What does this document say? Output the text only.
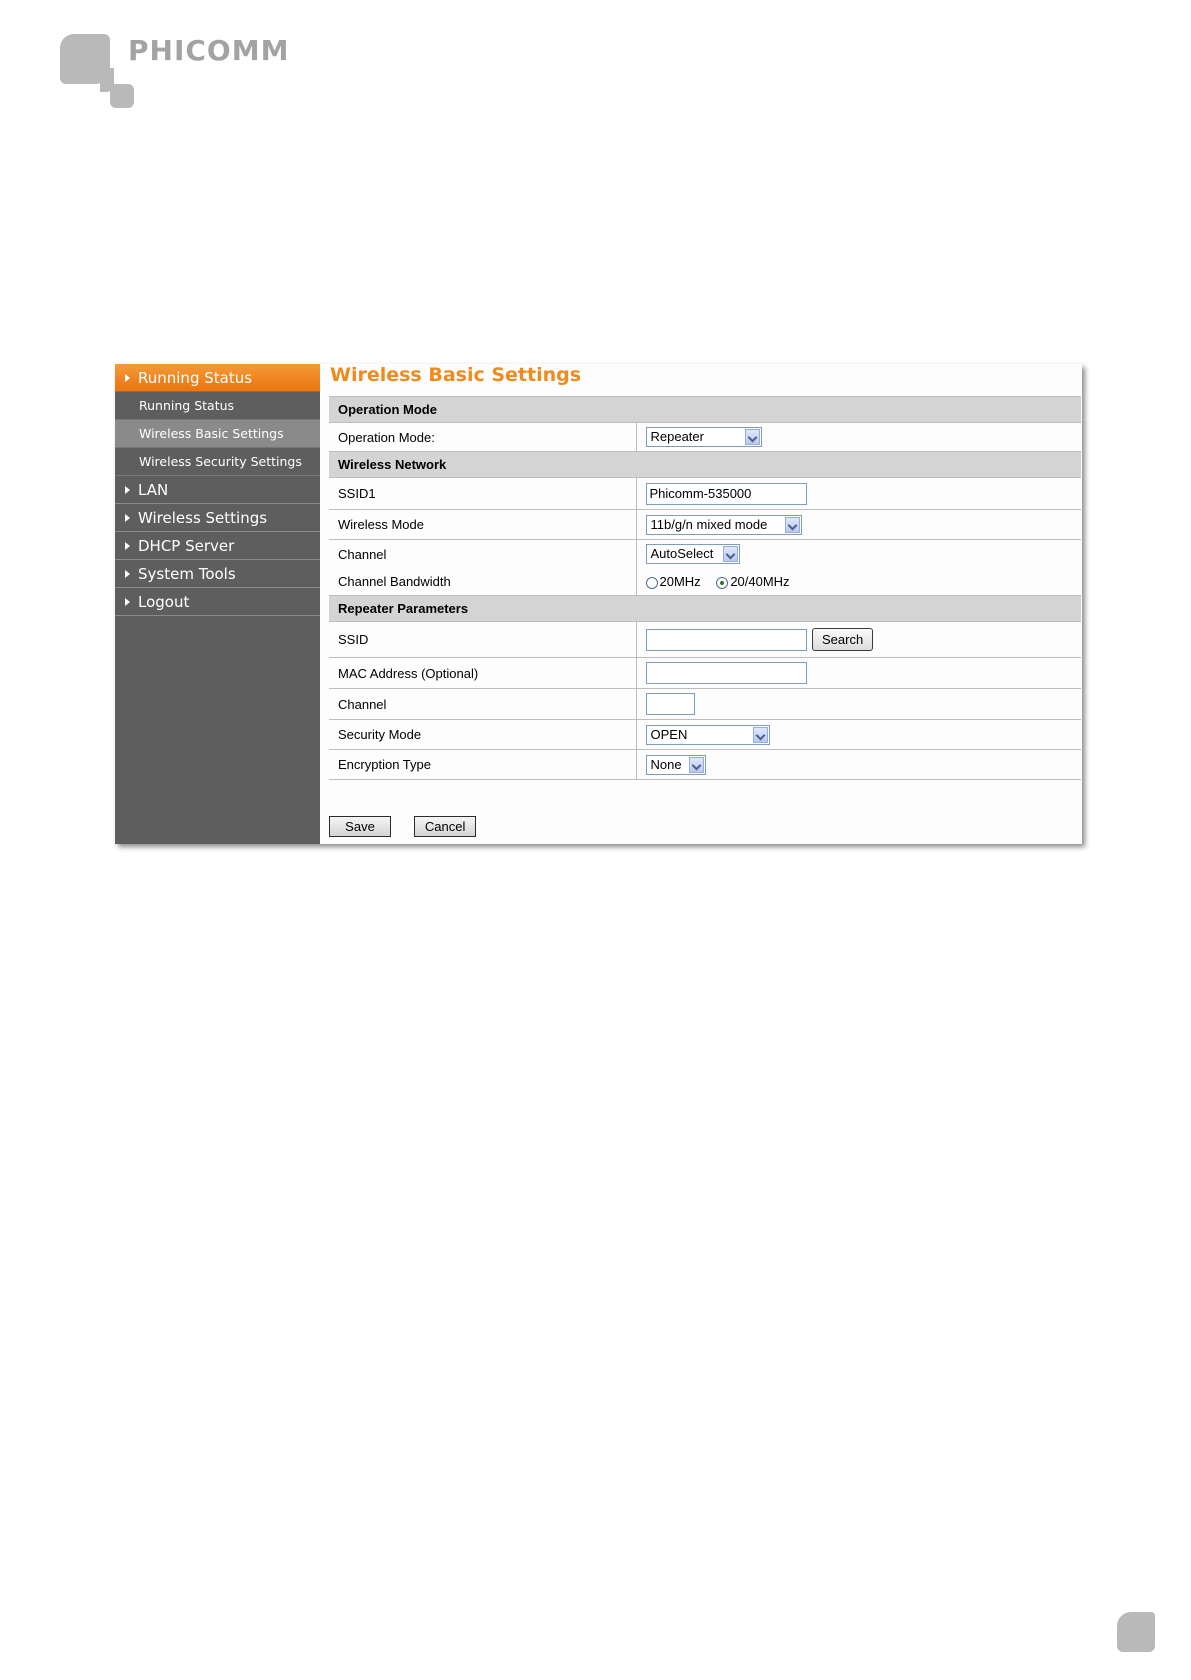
PHICOMM
Running Status
Running Status
Wireless Basic Settings
Wireless Security Settings
LAN
Wireless Settings
DHCP Server
System Tools
Logout
Wireless Basic Settings
Operation Mode	
Operation Mode:	Repeater

Wireless Network	
SSID1	Phicomm-535000
Wireless Mode	11b/g/n mixed mode

Channel	AutoSelect

Channel Bandwidth	20MHz 20/40MHz
Repeater Parameters	
SSID	Search
MAC Address (Optional)	
Channel	
Security Mode	OPEN

Encryption Type	None
Save	Cancel
